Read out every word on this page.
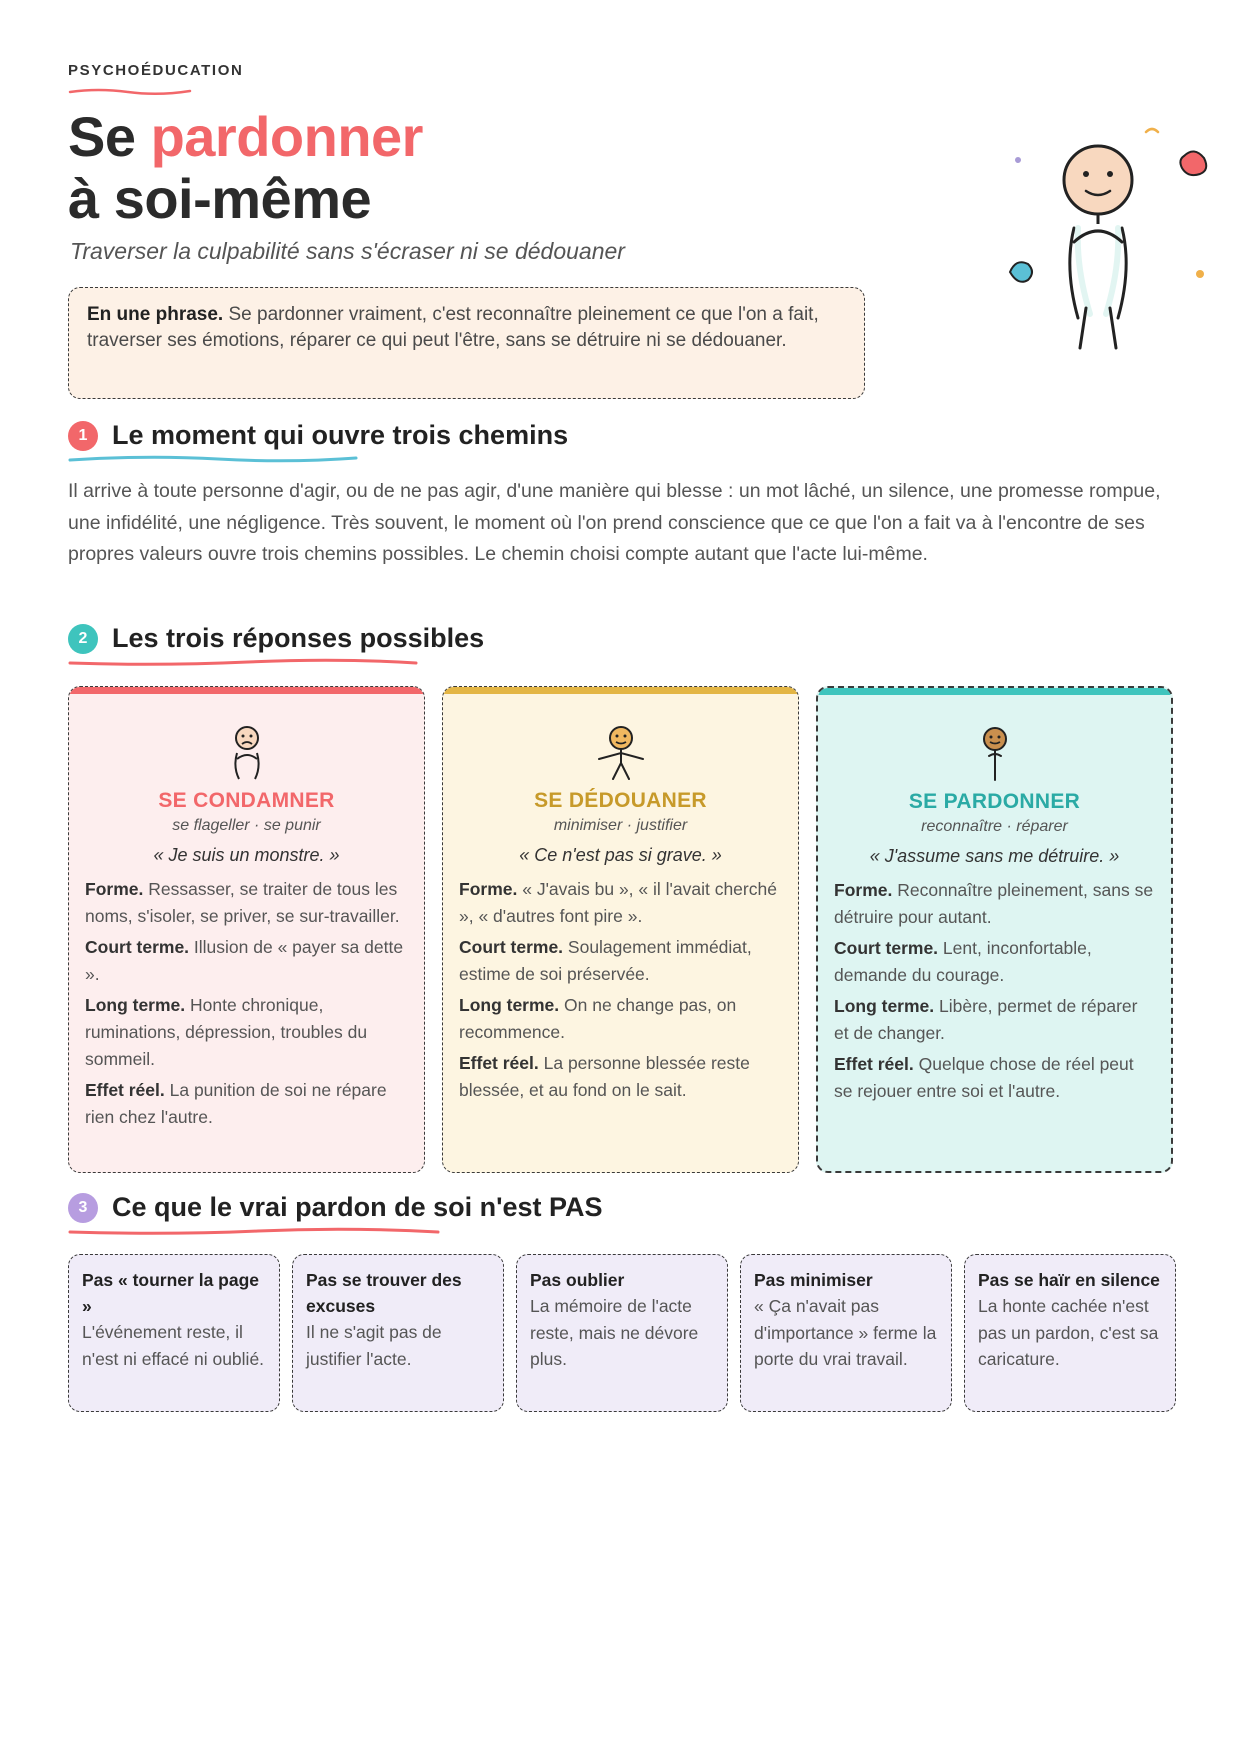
PSYCHOÉDUCATION
Se pardonner
à soi-même
Traverser la culpabilité sans s'écraser ni se dédouaner
En une phrase. Se pardonner vraiment, c'est reconnaître pleinement ce que l'on a fait, traverser ses émotions, réparer ce qui peut l'être, sans se détruire ni se dédouaner.
1 Le moment qui ouvre trois chemins
Il arrive à toute personne d'agir, ou de ne pas agir, d'une manière qui blesse : un mot lâché, un silence, une promesse rompue, une infidélité, une négligence. Très souvent, le moment où l'on prend conscience que ce que l'on a fait va à l'encontre de ses propres valeurs ouvre trois chemins possibles. Le chemin choisi compte autant que l'acte lui-même.
2 Les trois réponses possibles
SE CONDAMNER
se flageller · se punir
« Je suis un monstre. »
Forme. Ressasser, se traiter de tous les noms, s'isoler, se priver, se sur-travailler.
Court terme. Illusion de « payer sa dette ».
Long terme. Honte chronique, ruminations, dépression, troubles du sommeil.
Effet réel. La punition de soi ne répare rien chez l'autre.
SE DÉDOUANER
minimiser · justifier
« Ce n'est pas si grave. »
Forme. « J'avais bu », « il l'avait cherché », « d'autres font pire ».
Court terme. Soulagement immédiat, estime de soi préservée.
Long terme. On ne change pas, on recommence.
Effet réel. La personne blessée reste blessée, et au fond on le sait.
SE PARDONNER
reconnaître · réparer
« J'assume sans me détruire. »
Forme. Reconnaître pleinement, sans se détruire pour autant.
Court terme. Lent, inconfortable, demande du courage.
Long terme. Libère, permet de réparer et de changer.
Effet réel. Quelque chose de réel peut se rejouer entre soi et l'autre.
3 Ce que le vrai pardon de soi n'est PAS
Pas « tourner la page »
L'événement reste, il n'est ni effacé ni oublié.
Pas se trouver des excuses
Il ne s'agit pas de justifier l'acte.
Pas oublier
La mémoire de l'acte reste, mais ne dévore plus.
Pas minimiser
« Ça n'avait pas d'importance » ferme la porte du vrai travail.
Pas se haïr en silence
La honte cachée n'est pas un pardon, c'est sa caricature.
